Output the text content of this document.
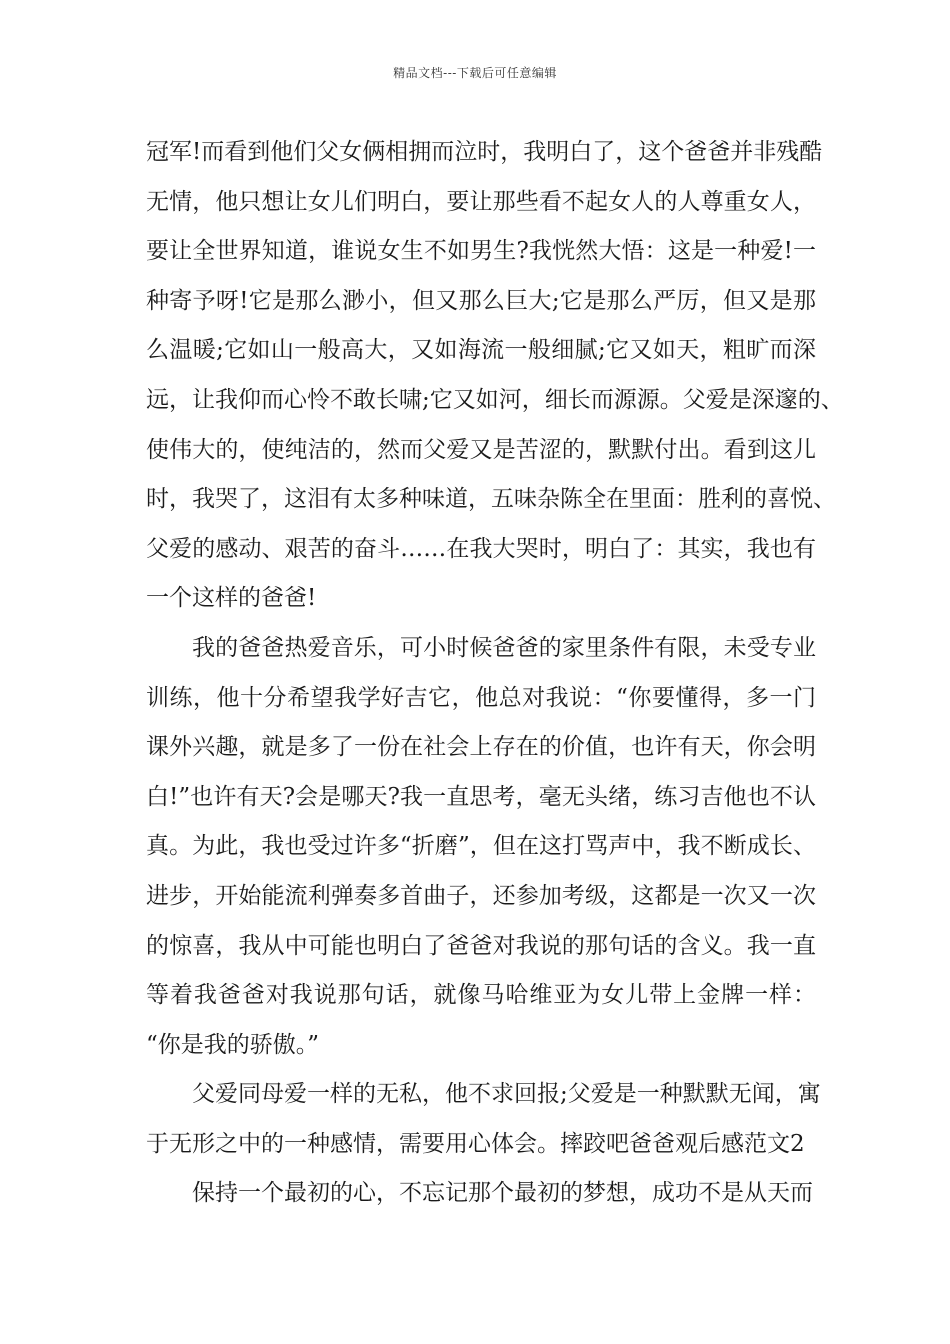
精品文档---下载后可任意编辑
冠军!而看到他们父女俩相拥而泣时，我明白了，这个爸爸并非残酷
无情，他只想让女儿们明白，要让那些看不起女人的人尊重女人，
要让全世界知道，谁说女生不如男生?我恍然大悟：这是一种爱!一
种寄予呀!它是那么渺小，但又那么巨大;它是那么严厉，但又是那
么温暖;它如山一般高大，又如海流一般细腻;它又如天，粗旷而深
远，让我仰而心怜不敢长啸;它又如河，细长而源源。父爱是深邃的、
使伟大的，使纯洁的，然而父爱又是苦涩的，默默付出。看到这儿
时，我哭了，这泪有太多种味道，五味杂陈全在里面：胜利的喜悦、
父爱的感动、艰苦的奋斗……在我大哭时，明白了：其实，我也有
一个这样的爸爸!
我的爸爸热爱音乐，可小时候爸爸的家里条件有限，未受专业
训练，他十分希望我学好吉它，他总对我说：“你要懂得，多一门
课外兴趣，就是多了一份在社会上存在的价值，也许有天，你会明
白!”也许有天?会是哪天?我一直思考，毫无头绪，练习吉他也不认
真。为此，我也受过许多“折磨”，但在这打骂声中，我不断成长、
进步，开始能流利弹奏多首曲子，还参加考级，这都是一次又一次
的惊喜，我从中可能也明白了爸爸对我说的那句话的含义。我一直
等着我爸爸对我说那句话，就像马哈维亚为女儿带上金牌一样：
“你是我的骄傲。”
父爱同母爱一样的无私，他不求回报;父爱是一种默默无闻，寓
于无形之中的一种感情，需要用心体会。摔跤吧爸爸观后感范文2
保持一个最初的心，不忘记那个最初的梦想，成功不是从天而
